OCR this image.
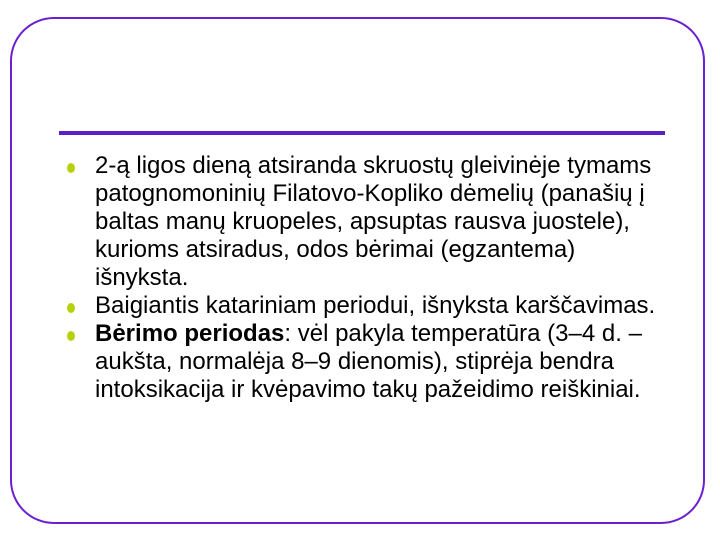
2-ą ligos dieną atsiranda skruostų gleivinėje tymams patognomoninių Filatovo-Kopliko dėmelių (panašių į baltas manų kruopeles, apsuptas rausva juostele), kurioms atsiradus, odos bėrimai (egzantema) išnyksta.
Baigiantis katariniam periodui, išnyksta karščavimas.
Bėrimo periodas: vėl pakyla temperatūra (3–4 d. – aukšta, normalėja 8–9 dienomis), stiprėja bendra intoksikacija ir kvėpavimo takų pažeidimo reiškiniai.
